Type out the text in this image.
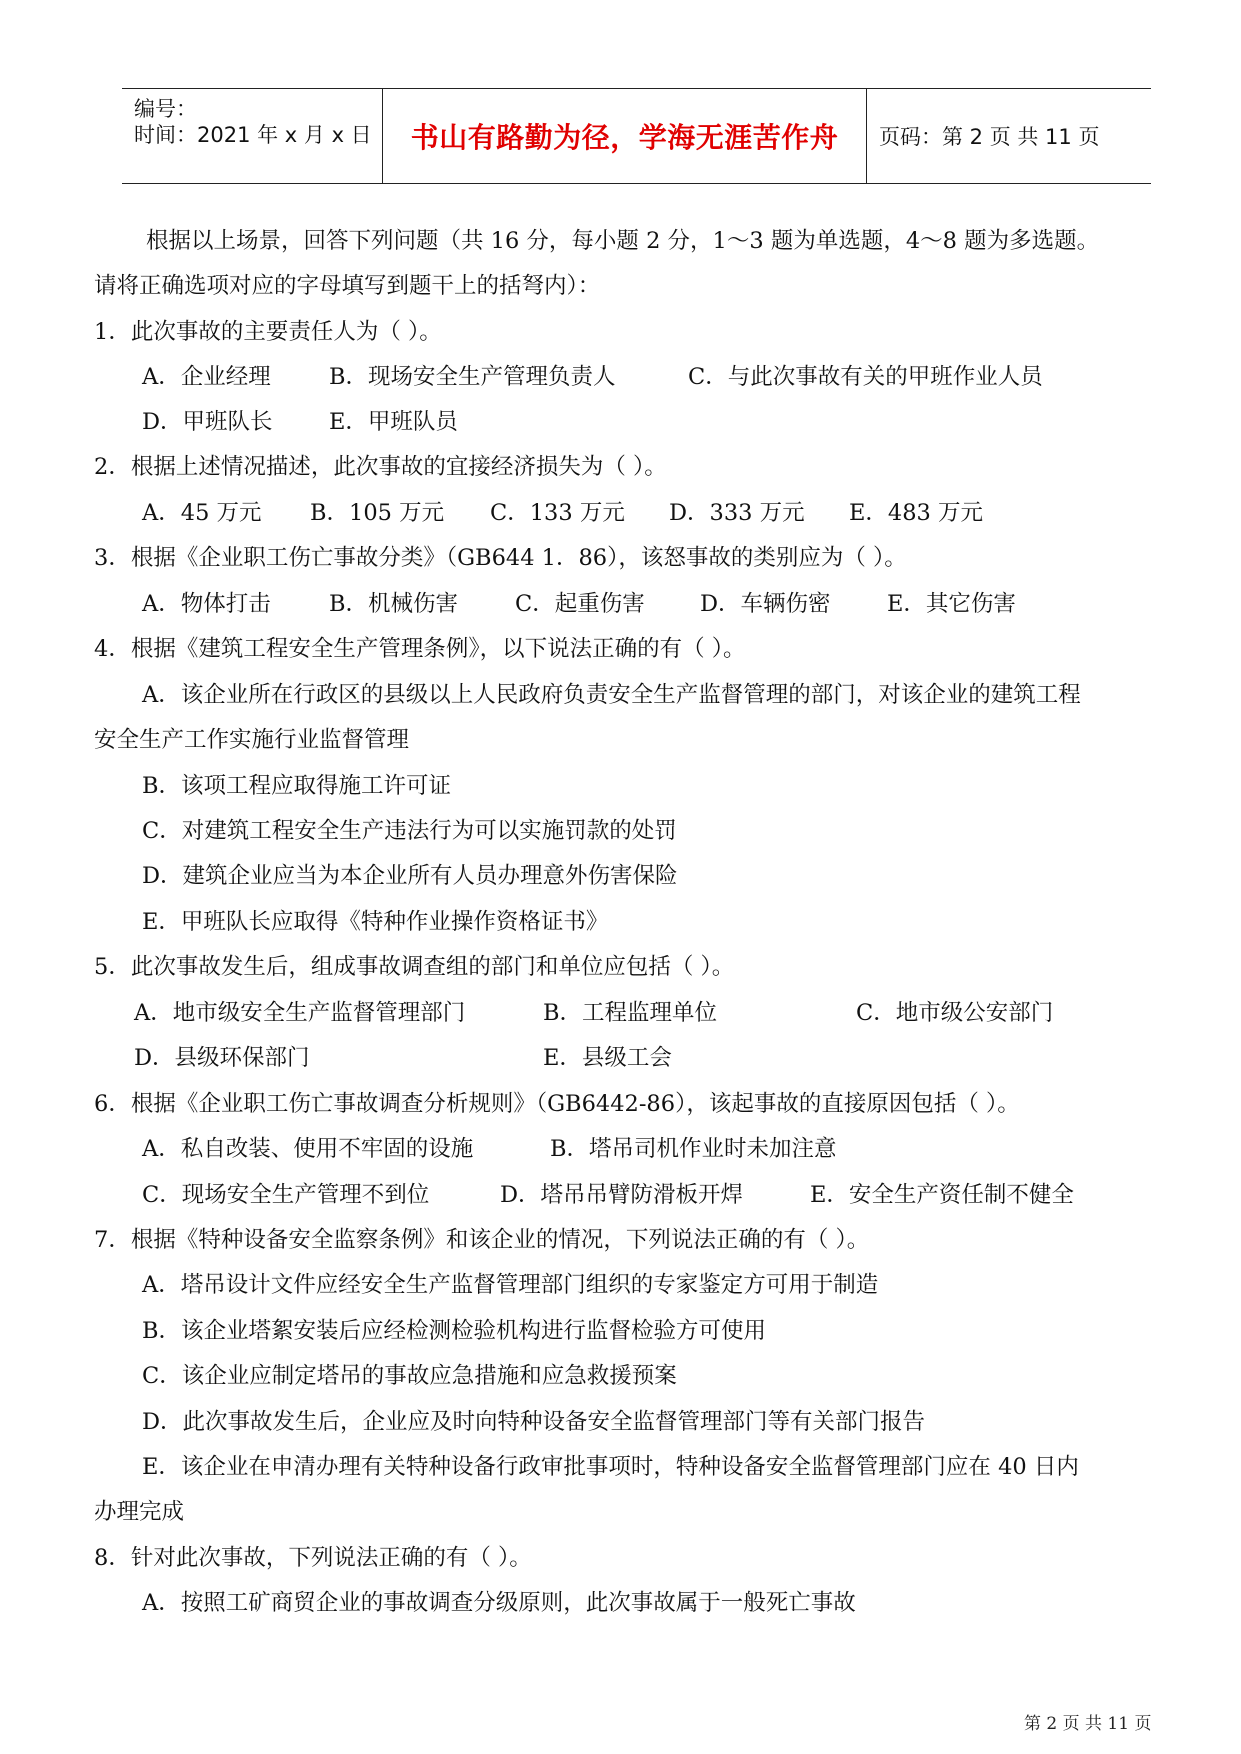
编号：
时间：2021 年 x 月 x 日 书山有路勤为径，学海无涯苦作舟	页码：第 2 页 共 11 页
根据以上场景，回答下列问题（共 16 分，每小题 2 分，1～3 题为单选题，4～8 题为多选题。
请将正确选项对应的字母填写到题干上的括弩内）：
1．此次事故的主要责任人为（ ）。
A．企业经理	B．现场安全生产管理负责人	C．与此次事故有关的甲班作业人员
D．甲班队长	E．甲班队员
2．根据上述情况描述，此次事故的宜接经济损失为（ ）。
A．45 万元 B．105 万元 C．133 万元 D．333 万元 E．483 万元
3．根据《企业职工伤亡事故分类》（GB644 1．86），该怒事故的类别应为（ ）。
A．物体打击	B．机械伤害	C．起重伤害 D．车辆伤密	E．其它伤害
4．根据《建筑工程安全生产管理条例》，以下说法正确的有（ ）。
A．该企业所在行政区的县级以上人民政府负责安全生产监督管理的部门，对该企业的建筑工程
安全生产工作实施行业监督管理
B．该项工程应取得施工许可证
C．对建筑工程安全生产违法行为可以实施罚款的处罚
D．建筑企业应当为本企业所有人员办理意外伤害保险
E．甲班队长应取得《特种作业操作资格证书》
5．此次事故发生后，组成事故调查组的部门和单位应包括（ ）。
A．地市级安全生产监督管理部门	B．工程监理单位	C．地市级公安部门
D．县级环保部门	E．县级工会
6．根据《企业职工伤亡事故调查分析规则》（GB6442-86），该起事故的直接原因包括（ ）。
A．私自改装、使用不牢固的设施	B．塔吊司机作业时未加注意
C．现场安全生产管理不到位	D．塔吊吊臂防滑板开焊	E．安全生产资任制不健全
7．根据《特种设备安全监察条例》和该企业的情况，下列说法正确的有（ ）。
A．塔吊设计文件应经安全生产监督管理部门组织的专家鉴定方可用于制造
B．该企业塔絮安装后应经检测检验机构进行监督检验方可使用
C．该企业应制定塔吊的事故应急措施和应急救援预案
D．此次事故发生后，企业应及时向特种设备安全监督管理部门等有关部门报告
E．该企业在申清办理有关特种设备行政审批事项时，特种设备安全监督管理部门应在 40 日内
办理完成
8．针对此次事故，下列说法正确的有（ ）。
A．按照工矿商贸企业的事故调查分级原则，此次事故属于一般死亡事故
第 2 页 共 11 页
